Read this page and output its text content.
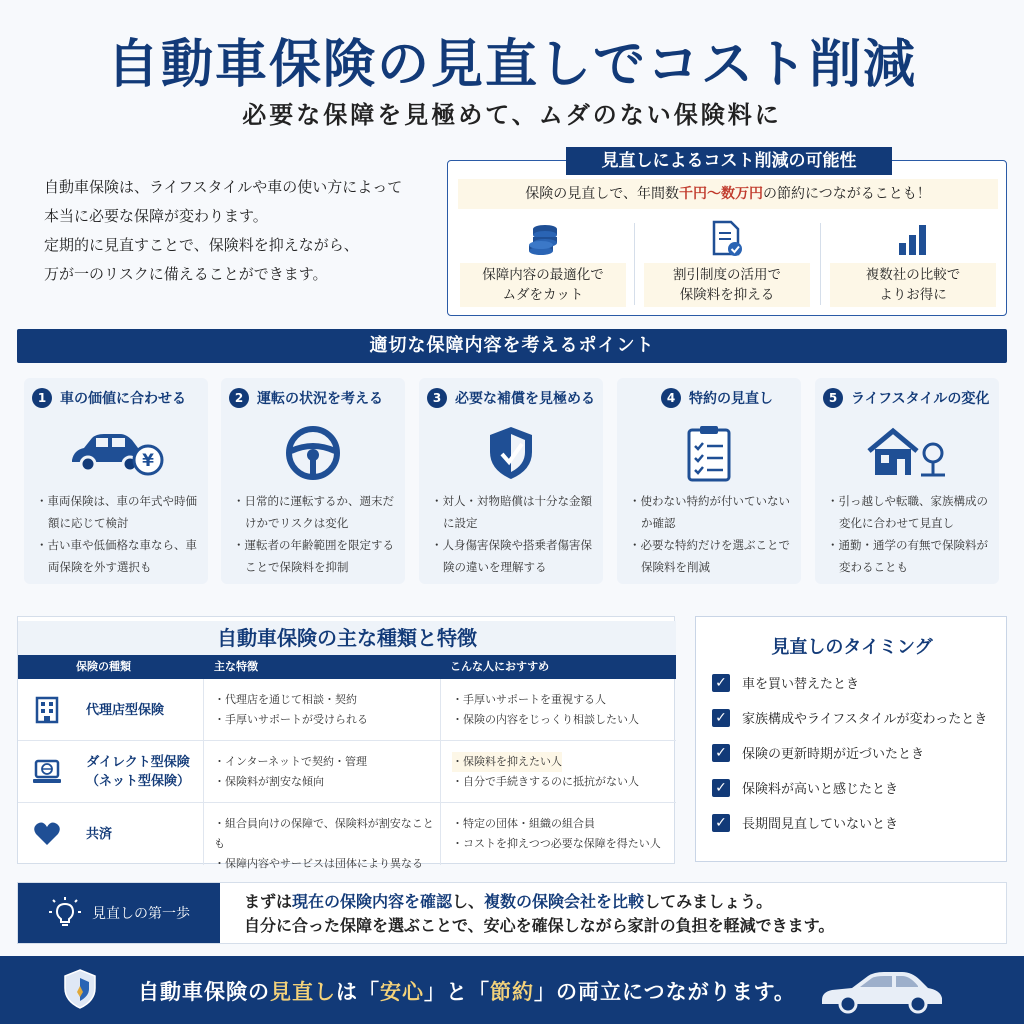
自動車保険の見直しでコスト削減
必要な保障を見極めて、ムダのない保険料に
自動車保険は、ライフスタイルや車の使い方によって
本当に必要な保障が変わります。
定期的に見直すことで、保険料を抑えながら、
万が一のリスクに備えることができます。
見直しによるコスト削減の可能性
保険の見直しで、年間数千円〜数万円の節約につながることも！
保障内容の最適化で
ムダをカット
割引制度の活用で
保険料を抑える
複数社の比較で
よりお得に
適切な保障内容を考えるポイント
1 車の価値に合わせる
¥
・ 車両保険は、車の年式や時価額に応じて検討
・ 古い車や低価格な車なら、車両保険を外す選択も
2 運転の状況を考える
・ 日常的に運転するか、週末だけかでリスクは変化
・ 運転者の年齢範囲を限定することで保険料を抑制
3 必要な補償を見極める
・ 対人・対物賠償は十分な金額に設定
・ 人身傷害保険や搭乗者傷害保険の違いを理解する
4 特約の見直し
・ 使わない特約が付いていないか確認
・ 必要な特約だけを選ぶことで保険料を削減
5 ライフスタイルの変化
・ 引っ越しや転職、家族構成の変化に合わせて見直し
・ 通勤・通学の有無で保険料が変わることも
自動車保険の主な種類と特徴
保険の種類	主な特徴	こんな人におすすめ
代理店型保険
・ 代理店を通じて相談・契約
・ 手厚いサポートが受けられる
・ 手厚いサポートを重視する人
・ 保険の内容をじっくり相談したい人
ダイレクト型保険
（ネット型保険）
・ インターネットで契約・管理
・ 保険料が割安な傾向
・ 保険料を抑えたい人
・ 自分で手続きするのに抵抗がない人
共済
・ 組合員向けの保障で、保険料が割安なことも
・ 保障内容やサービスは団体により異なる
・ 特定の団体・組織の組合員
・ コストを抑えつつ必要な保障を得たい人
見直しのタイミング
✓ 車を買い替えたとき
✓ 家族構成やライフスタイルが変わったとき
✓ 保険の更新時期が近づいたとき
✓ 保険料が高いと感じたとき
✓ 長期間見直していないとき
見直しの第一歩
まずは現在の保険内容を確認し、複数の保険会社を比較してみましょう。
自分に合った保障を選ぶことで、安心を確保しながら家計の負担を軽減できます。
自動車保険の見直しは「安心」と「節約」の両立につながります。
